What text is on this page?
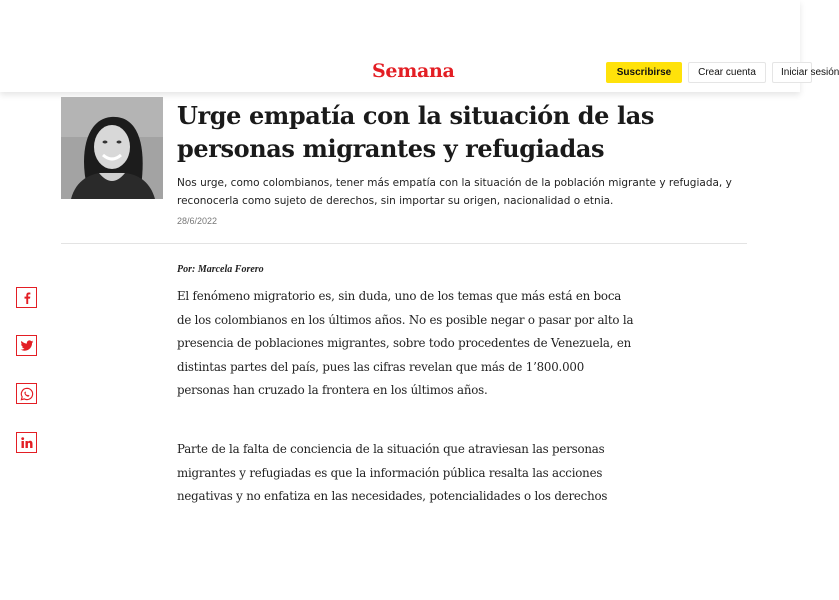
Semana	Suscribirse	Crear cuenta	Iniciar sesión
Urge empatía con la situación de las personas migrantes y refugiadas

Nos urge, como colombianos, tener más empatía con la situación de la población migrante y refugiada, y reconocerla como sujeto de derechos, sin importar su origen, nacionalidad o etnia.

28/6/2022
Por: Marcela Forero

El fenómeno migratorio es, sin duda, uno de los temas que más está en boca de los colombianos en los últimos años. No es posible negar o pasar por alto la presencia de poblaciones migrantes, sobre todo procedentes de Venezuela, en distintas partes del país, pues las cifras revelan que más de 1’800.000 personas han cruzado la frontera en los últimos años.

Parte de la falta de conciencia de la situación que atraviesan las personas migrantes y refugiadas es que la información pública resalta las acciones negativas y no enfatiza en las necesidades, potencialidades o los derechos
